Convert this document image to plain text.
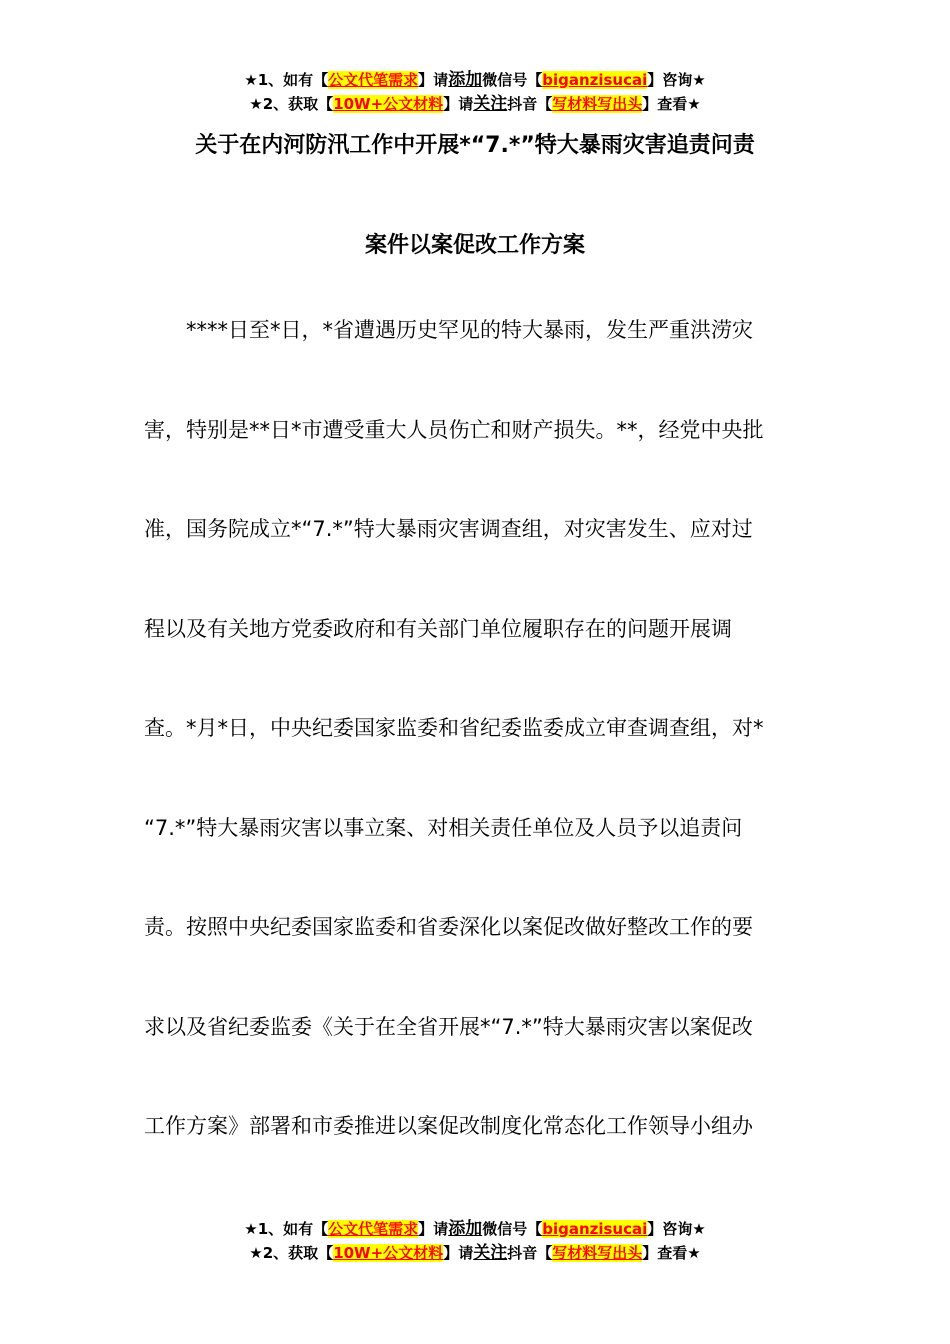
★1、如有【公文代笔需求】请添加微信号【biganzisucai】咨询★
★2、获取【10W+公文材料】请关注抖音【写材料写出头】查看★
关于在内河防汛工作中开展*“7.*”特大暴雨灾害追责问责
案件以案促改工作方案
****日至*日，*省遭遇历史罕见的特大暴雨，发生严重洪涝灾
害，特别是**日*市遭受重大人员伤亡和财产损失。**，经党中央批
准，国务院成立*“7.*”特大暴雨灾害调查组，对灾害发生、应对过
程以及有关地方党委政府和有关部门单位履职存在的问题开展调
查。*月*日，中央纪委国家监委和省纪委监委成立审查调查组，对*
“7.*”特大暴雨灾害以事立案、对相关责任单位及人员予以追责问
责。按照中央纪委国家监委和省委深化以案促改做好整改工作的要
求以及省纪委监委《关于在全省开展*“7.*”特大暴雨灾害以案促改
工作方案》部署和市委推进以案促改制度化常态化工作领导小组办
★1、如有【公文代笔需求】请添加微信号【biganzisucai】咨询★
★2、获取【10W+公文材料】请关注抖音【写材料写出头】查看★
